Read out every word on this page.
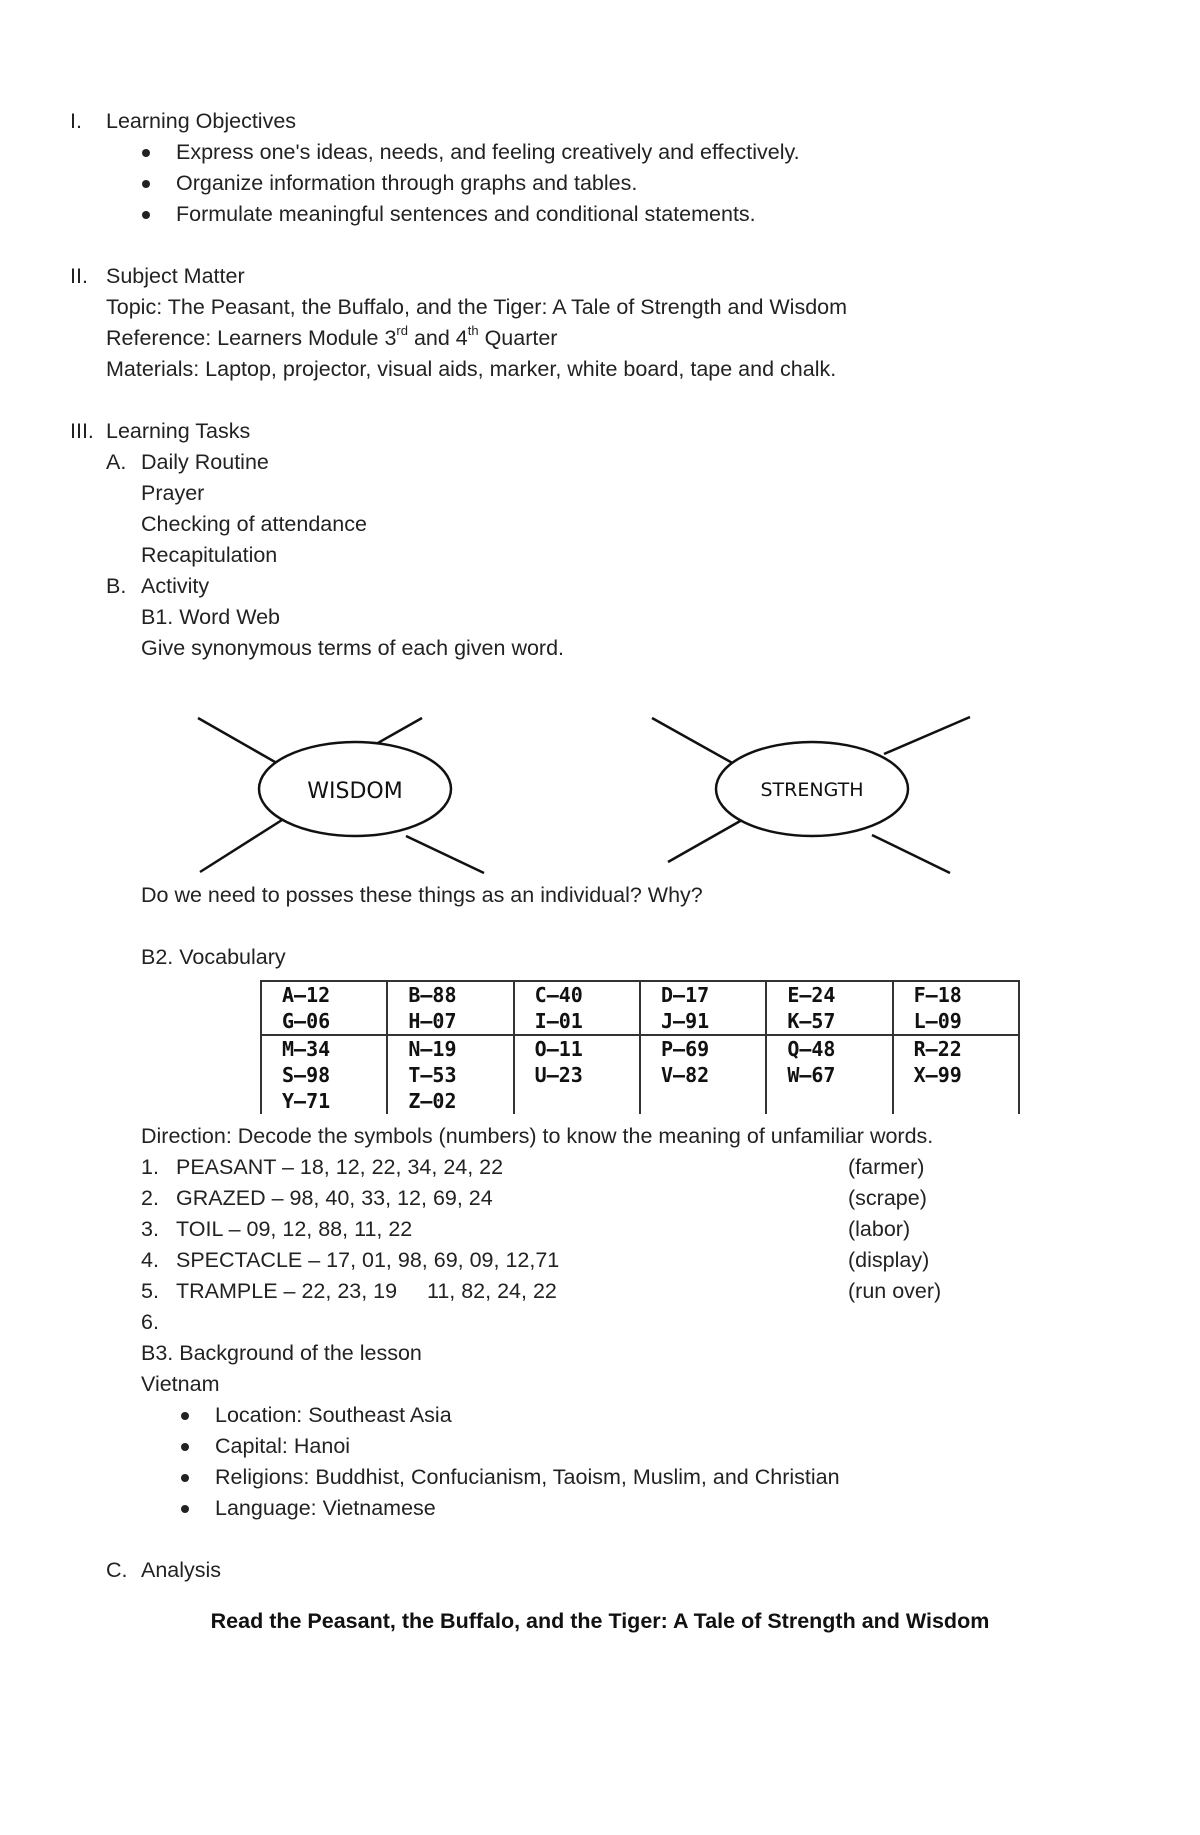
I. Learning Objectives
Express one's ideas, needs, and feeling creatively and effectively.
Organize information through graphs and tables.
Formulate meaningful sentences and conditional statements.
II. Subject Matter
Topic: The Peasant, the Buffalo, and the Tiger: A Tale of Strength and Wisdom
Reference: Learners Module 3rd and 4th Quarter
Materials: Laptop, projector, visual aids, marker, white board, tape and chalk.
III. Learning Tasks
A. Daily Routine
Prayer
Checking of attendance
Recapitulation
B. Activity
B1. Word Web
Give synonymous terms of each given word.
WISDOM	STRENGTH
Do we need to posses these things as an individual? Why?
B2. Vocabulary
A–12	B–88	C–40	D–17	E–24	F–18
G–06	H–07	I–01	J–91	K–57	L–09
M–34	N–19	O–11	P–69	Q–48	R–22
S–98	T–53	U–23	V–82	W–67	X–99
Y–71	Z–02				
Direction: Decode the symbols (numbers) to know the meaning of unfamiliar words.
1. PEASANT – 18, 12, 22, 34, 24, 22	(farmer)
2. GRAZED – 98, 40, 33, 12, 69, 24	(scrape)
3. TOIL – 09, 12, 88, 11, 22	(labor)
4. SPECTACLE – 17, 01, 98, 69, 09, 12,71	(display)
5. TRAMPLE – 22, 23, 19     11, 82, 24, 22	(run over)
6.
B3. Background of the lesson
Vietnam
Location: Southeast Asia
Capital: Hanoi
Religions: Buddhist, Confucianism, Taoism, Muslim, and Christian
Language: Vietnamese
C. Analysis
Read the Peasant, the Buffalo, and the Tiger: A Tale of Strength and Wisdom
